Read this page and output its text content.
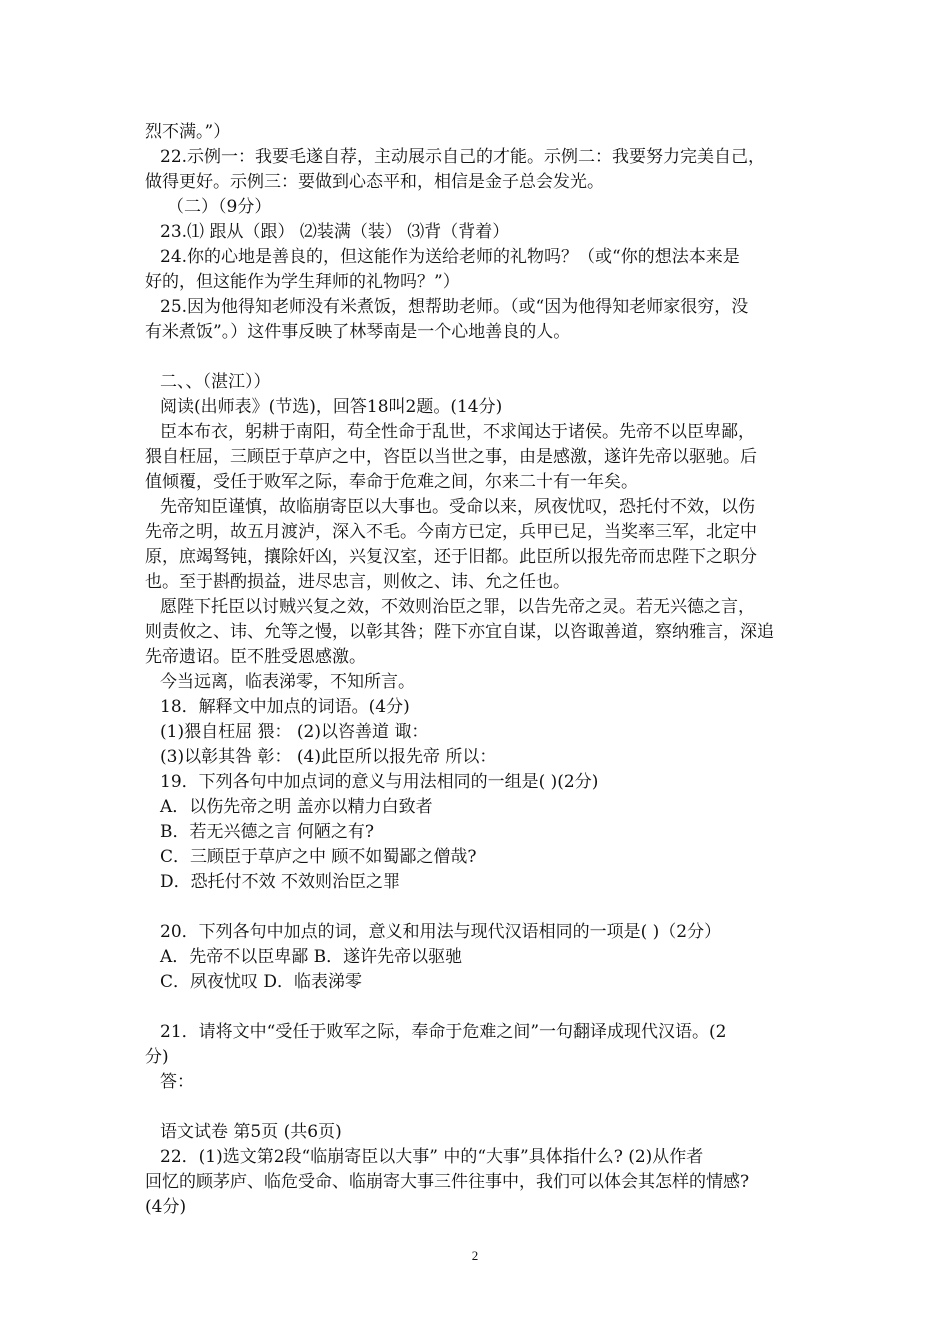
烈不满。”）
22.示例一：我要毛遂自荐，主动展示自己的才能。示例二：我要努力完美自己，
做得更好。示例三：要做到心态平和，相信是金子总会发光。
（二）（9分）
23.⑴ 跟从（跟） ⑵装满（装） ⑶背（背着）
24.你的心地是善良的，但这能作为送给老师的礼物吗？（或“你的想法本来是
好的，但这能作为学生拜师的礼物吗？”）
25.因为他得知老师没有米煮饭，想帮助老师。（或“因为他得知老师家很穷，没
有米煮饭”。）这件事反映了林琴南是一个心地善良的人。
二、、（湛江））
阅读(出师表》(节选)，回答18叫2题。(14分)
臣本布衣，躬耕于南阳，苟全性命于乱世，不求闻达于诸侯。先帝不以臣卑鄙，
猥自枉屈，三顾臣于草庐之中，咨臣以当世之事，由是感激，遂许先帝以驱驰。后
值倾覆，受任于败军之际，奉命于危难之间，尔来二十有一年矣。
先帝知臣谨慎，故临崩寄臣以大事也。受命以来，夙夜忧叹，恐托付不效，以伤
先帝之明，故五月渡泸，深入不毛。今南方已定，兵甲已足，当奖率三军，北定中
原，庶竭驽钝，攘除奸凶，兴复汉室，还于旧都。此臣所以报先帝而忠陛下之职分
也。至于斟酌损益，进尽忠言，则攸之、讳、允之任也。
愿陛下托臣以讨贼兴复之效，不效则治臣之罪，以告先帝之灵。若无兴德之言，
则责攸之、讳、允等之慢，以彰其咎；陛下亦宜自谋，以咨诹善道，察纳雅言，深追
先帝遗诏。臣不胜受恩感激。
今当远离，临表涕零，不知所言。
18．解释文中加点的词语。(4分)
(1)猥自枉屈 猥： (2)以咨善道 诹：
(3)以彰其咎 彰： (4)此臣所以报先帝 所以：
19．下列各句中加点词的意义与用法相同的一组是( )(2分)
A．以伤先帝之明 盖亦以精力白致者
B．若无兴德之言 何陋之有?
C．三顾臣于草庐之中 顾不如蜀鄙之僧哉?
D．恐托付不效 不效则治臣之罪
20．下列各句中加点的词，意义和用法与现代汉语相同的一项是( )（2分）
A．先帝不以臣卑鄙 B．遂许先帝以驱驰
C．夙夜忧叹 D．临表涕零
21．请将文中“受任于败军之际，奉命于危难之间”一句翻译成现代汉语。(2
分)
答：
语文试卷 第5页 (共6页)
22．(1)选文第2段“临崩寄臣以大事” 中的“大事”具体指什么? (2)从作者
回忆的顾茅庐、临危受命、临崩寄大事三件往事中，我们可以体会其怎样的情感?
(4分)
2
